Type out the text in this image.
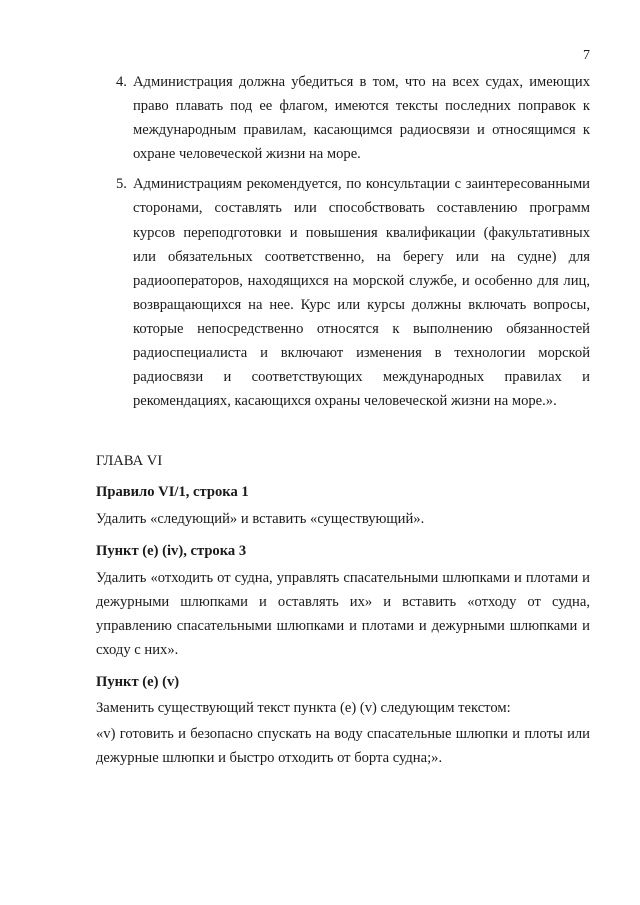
7
4. Администрация должна убедиться в том, что на всех судах, имеющих право плавать под ее флагом, имеются тексты последних поправок к международным правилам, касающимся радиосвязи и относящимся к охране человеческой жизни на море.
5. Администрациям рекомендуется, по консультации с заинтересованными сторонами, составлять или способствовать составлению программ курсов переподготовки и повышения квалификации (факультативных или обязательных соответственно, на берегу или на судне) для радиооператоров, находящихся на морской службе, и особенно для лиц, возвращающихся на нее. Курс или курсы должны включать вопросы, которые непосредственно относятся к выполнению обязанностей радиоспециалиста и включают изменения в технологии морской радиосвязи и соответствующих международных правилах и рекомендациях, касающихся охраны человеческой жизни на море.».
ГЛАВА VI
Правило VI/1, строка 1
Удалить «следующий» и вставить «существующий».
Пункт (е) (iv), строка 3
Удалить «отходить от судна, управлять спасательными шлюпками и плотами и дежурными шлюпками и оставлять их» и вставить «отходу от судна, управлению спасательными шлюпками и плотами и дежурными шлюпками и сходу с них».
Пункт (е) (v)
Заменить существующий текст пункта (е) (v) следующим текстом:
«v) готовить и безопасно спускать на воду спасательные шлюпки и плоты или дежурные шлюпки и быстро отходить от борта судна;».
